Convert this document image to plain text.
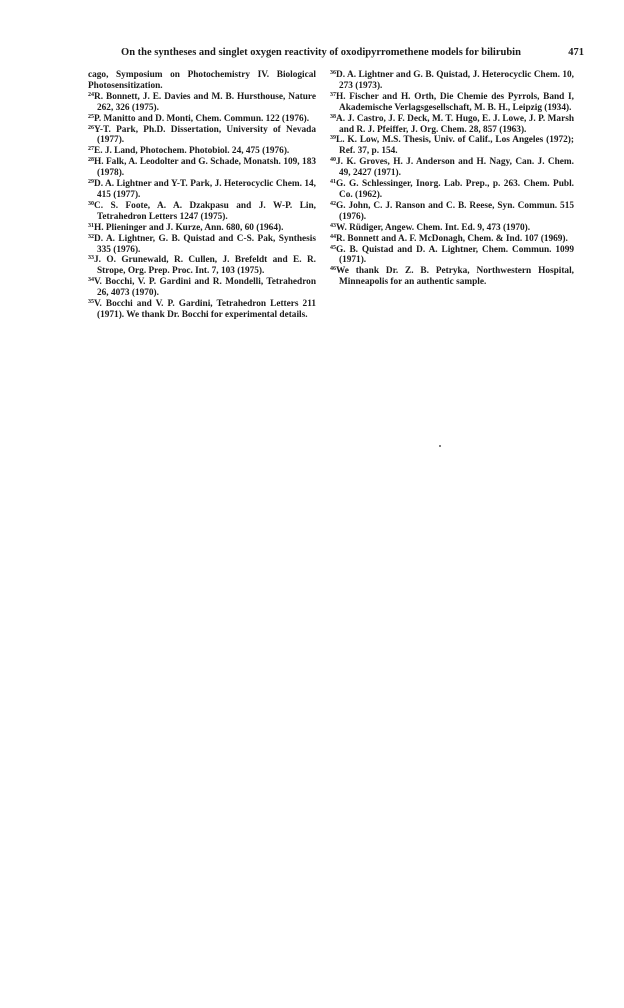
On the syntheses and singlet oxygen reactivity of oxodipyrromethene models for bilirubin	471

cago, Symposium on Photochemistry IV. Biological Photosensitization.

$^{24}$R. Bonnett, J. E. Davies and M. B. Hursthouse, Nature 262, 326 (1975).

$^{25}$P. Manitto and D. Monti, Chem. Commun. 122 (1976).

$^{26}$Y-T. Park, Ph.D. Dissertation, University of Nevada (1977).

$^{27}$E. J. Land, Photochem. Photobiol. 24, 475 (1976).

$^{28}$H. Falk, A. Leodolter and G. Schade, Monatsh. 109, 183 (1978).

$^{29}$D. A. Lightner and Y-T. Park, J. Heterocyclic Chem. 14, 415 (1977).

$^{30}$C. S. Foote, A. A. Dzakpasu and J. W-P. Lin, Tetrahedron Letters 1247 (1975).

$^{31}$H. Plieninger and J. Kurze, Ann. 680, 60 (1964).

$^{32}$D. A. Lightner, G. B. Quistad and C-S. Pak, Synthesis 335 (1976).

$^{33}$J. O. Grunewald, R. Cullen, J. Brefeldt and E. R. Strope, Org. Prep. Proc. Int. 7, 103 (1975).

$^{34}$V. Bocchi, V. P. Gardini and R. Mondelli, Tetrahedron 26, 4073 (1970).

$^{35}$V. Bocchi and V. P. Gardini, Tetrahedron Letters 211 (1971). We thank Dr. Bocchi for experimental details.

$^{36}$D. A. Lightner and G. B. Quistad, J. Heterocyclic Chem. 10, 273 (1973).

$^{37}$H. Fischer and H. Orth, Die Chemie des Pyrrols, Band I, Akademische Verlagsgesellschaft, M. B. H., Leipzig (1934).

$^{38}$A. J. Castro, J. F. Deck, M. T. Hugo, E. J. Lowe, J. P. Marsh and R. J. Pfeiffer, J. Org. Chem. 28, 857 (1963).

$^{39}$L. K. Low, M.S. Thesis, Univ. of Calif., Los Angeles (1972); Ref. 37, p. 154.

$^{40}$J. K. Groves, H. J. Anderson and H. Nagy, Can. J. Chem. 49, 2427 (1971).

$^{41}$G. G. Schlessinger, Inorg. Lab. Prep., p. 263. Chem. Publ. Co. (1962).

$^{42}$G. John, C. J. Ranson and C. B. Reese, Syn. Commun. 515 (1976).

$^{43}$W. Rüdiger, Angew. Chem. Int. Ed. 9, 473 (1970).

$^{44}$R. Bonnett and A. F. McDonagh, Chem. & Ind. 107 (1969).

$^{45}$G. B. Quistad and D. A. Lightner, Chem. Commun. 1099 (1971).

$^{46}$We thank Dr. Z. B. Petryka, Northwestern Hospital, Minneapolis for an authentic sample.
